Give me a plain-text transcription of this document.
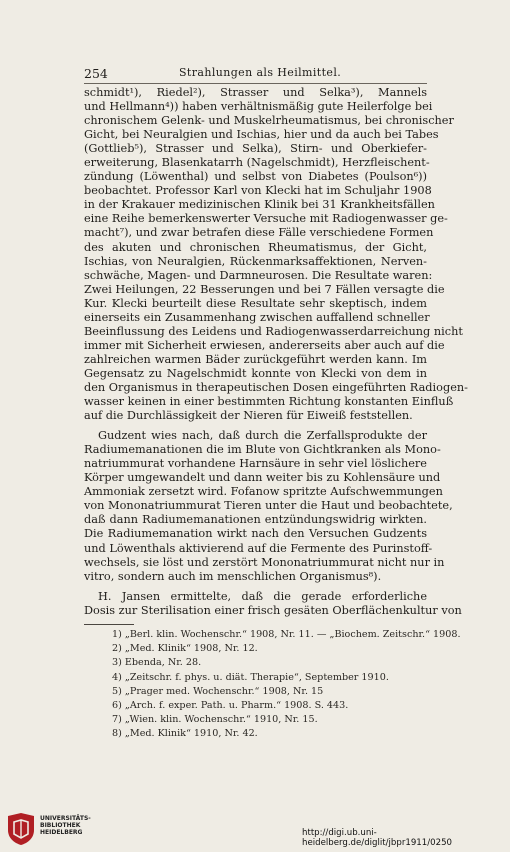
254	Strahlungen als Heilmittel.
schmidt¹), Riedel²), Strasser und Selka³), Mannels
und Hellmann⁴)) haben verhältnismäßig gute Heilerfolge bei
chronischem Gelenk- und Muskelrheumatismus, bei chronischer
Gicht, bei Neuralgien und Ischias, hier und da auch bei Tabes
(Gottlieb⁵), Strasser und Selka), Stirn- und Oberkiefer-
erweiterung, Blasenkatarrh (Nagelschmidt), Herzfleischent-
zündung (Löwenthal) und selbst von Diabetes (Poulson⁶))
beobachtet. Professor Karl von Klecki hat im Schuljahr 1908
in der Krakauer medizinischen Klinik bei 31 Krankheitsfällen
eine Reihe bemerkenswerter Versuche mit Radiogenwasser ge-
macht⁷), und zwar betrafen diese Fälle verschiedene Formen
des akuten und chronischen Rheumatismus, der Gicht,
Ischias, von Neuralgien, Rückenmarksaffektionen, Nerven-
schwäche, Magen- und Darmneurosen. Die Resultate waren:
Zwei Heilungen, 22 Besserungen und bei 7 Fällen versagte die
Kur. Klecki beurteilt diese Resultate sehr skeptisch, indem
einerseits ein Zusammenhang zwischen auffallend schneller
Beeinflussung des Leidens und Radiogenwasserdarreichung nicht
immer mit Sicherheit erwiesen, andererseits aber auch auf die
zahlreichen warmen Bäder zurückgeführt werden kann. Im
Gegensatz zu Nagelschmidt konnte von Klecki von dem in
den Organismus in therapeutischen Dosen eingeführten Radiogen-
wasser keinen in einer bestimmten Richtung konstanten Einfluß
auf die Durchlässigkeit der Nieren für Eiweiß feststellen.
Gudzent wies nach, daß durch die Zerfallsprodukte der
Radiumemanationen die im Blute von Gichtkranken als Mono-
natriummurat vorhandene Harnsäure in sehr viel löslichere
Körper umgewandelt und dann weiter bis zu Kohlensäure und
Ammoniak zersetzt wird. Fofanow spritzte Aufschwemmungen
von Mononatriummurat Tieren unter die Haut und beobachtete,
daß dann Radiumemanationen entzündungswidrig wirkten.
Die Radiumemanation wirkt nach den Versuchen Gudzents
und Löwenthals aktivierend auf die Fermente des Purinstoff-
wechsels, sie löst und zerstört Mononatriummurat nicht nur in
vitro, sondern auch im menschlichen Organismus⁸).
H. Jansen ermittelte, daß die gerade erforderliche
Dosis zur Sterilisation einer frisch gesäten Oberflächenkultur von
1) „Berl. klin. Wochenschr.“ 1908, Nr. 11. — „Biochem. Zeitschr.“ 1908.
2) „Med. Klinik“ 1908, Nr. 12.
3) Ebenda, Nr. 28.
4) „Zeitschr. f. phys. u. diät. Therapie“, September 1910.
5) „Prager med. Wochenschr.“ 1908, Nr. 15
6) „Arch. f. exper. Path. u. Pharm.“ 1908. S. 443.
7) „Wien. klin. Wochenschr.“ 1910, Nr. 15.
8) „Med. Klinik“ 1910, Nr. 42.
UNIVERSITÄTS-
BIBLIOTHEK
HEIDELBERG	http://digi.ub.uni-heidelberg.de/diglit/jbpr1911/0250
